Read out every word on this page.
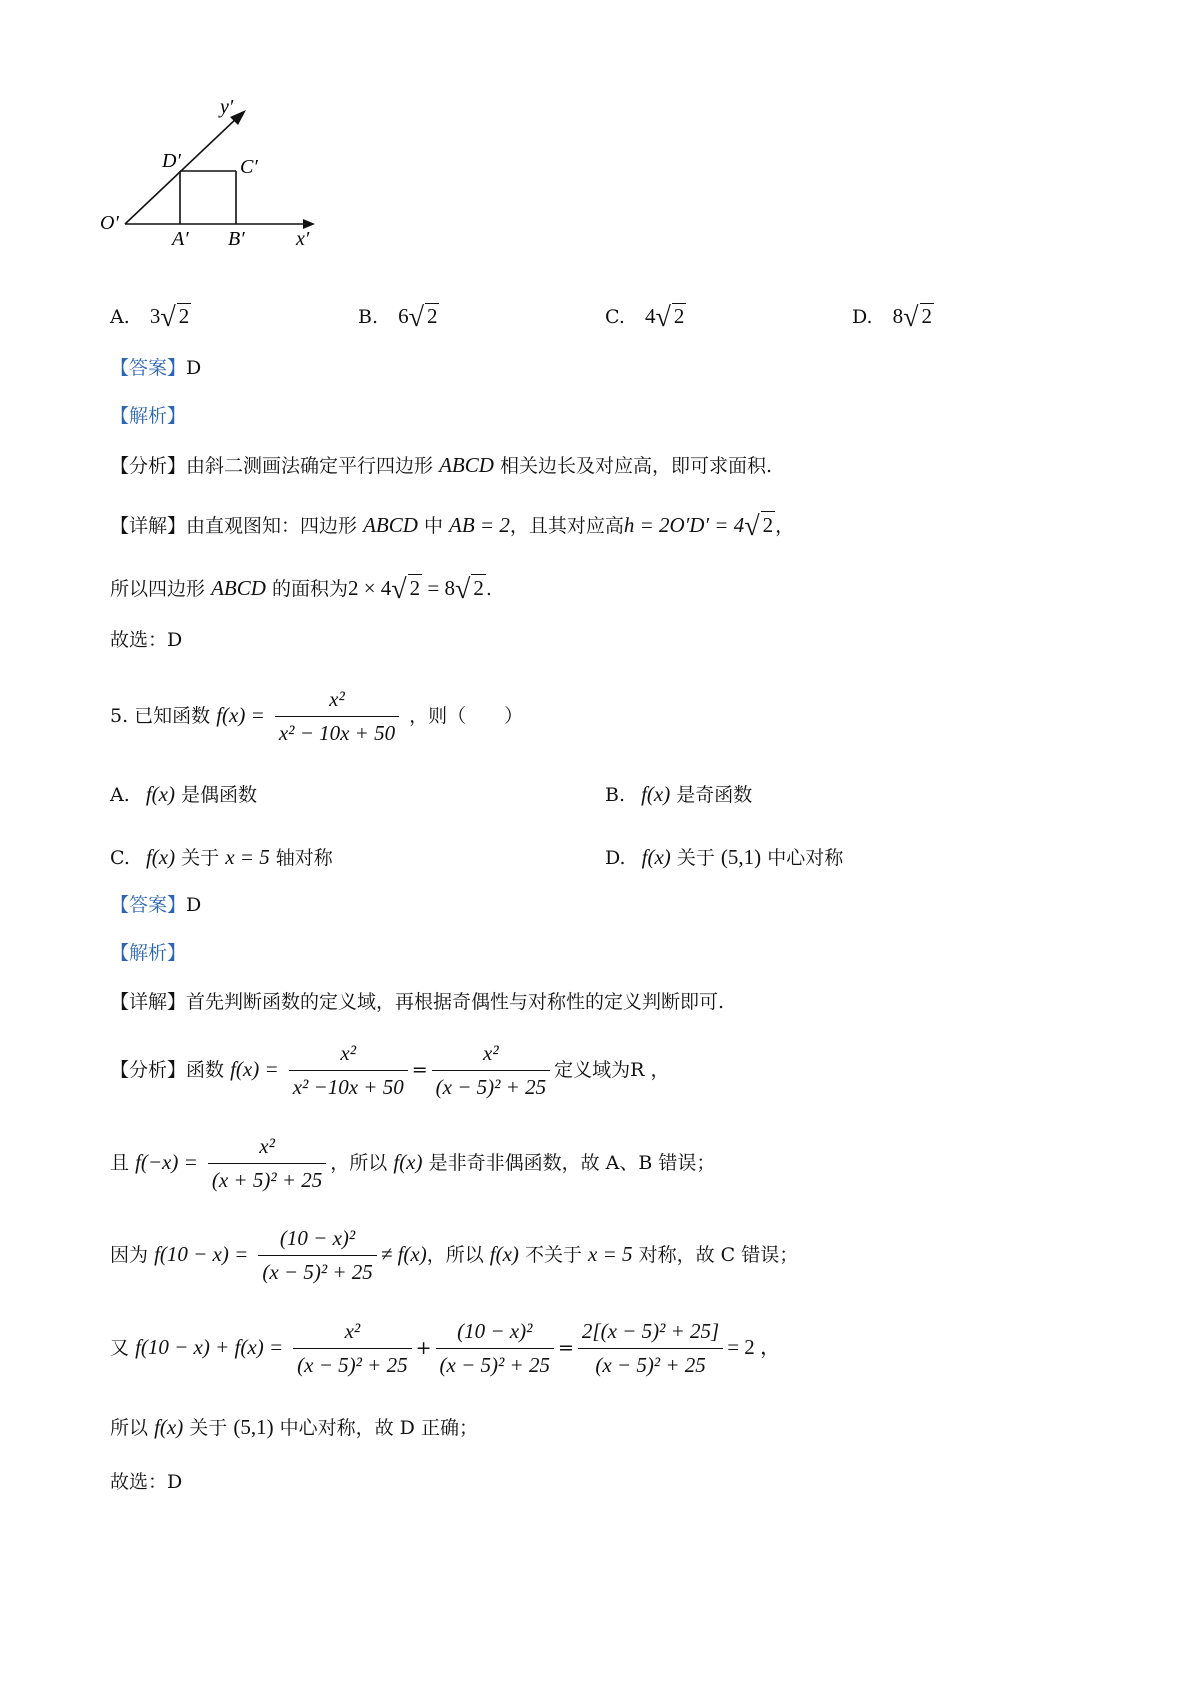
y′
D′	C′
O′
A′ B′	x′
A. 3√ 2	B. 6√ 2	C. 4√ 2	D. 8√ 2
【答案】D
【解析】
【分析】由斜二测画法确定平行四边形 ABCD 相关边长及对应高，即可求面积.
【详解】由直观图知：四边形 ABCD 中 AB = 2，且其对应高h = 2O′D′ = 4√ 2 ，
所以四边形 ABCD 的面积为2 × 4√ 2 = 8√ 2 .
故选：D
5. 已知函数 $f(x) = \frac{\text{x²}}{\text{x² − 10x + 50}}$ ，则（　　）
A. f(x) 是偶函数	B. f(x) 是奇函数
C. f(x) 关于 x = 5 轴对称	D. f(x) 关于 (5,1) 中心对称
【答案】D
【解析】
【详解】首先判断函数的定义域，再根据奇偶性与对称性的定义判断即可.
【分析】函数 $f(x) = \frac{\text{x²}}{\text{x² −10x + 50}} = \frac{\text{x²}}{\text{(x − 5)² + 25}}$ 定义域为R ，
且 $f(-x) = \frac{\text{x²}}{\text{(x + 5)² + 25}}$ ，所以 f(x) 是非奇非偶函数，故 A、B 错误；
因为 $f(10 - x) = \frac{\text{(10 − x)²}}{\text{(x − 5)² + 25}} \ne f(x)$，所以 f(x) 不关于 x = 5 对称，故 C 错误；
又 $f(10 - x) + f(x) = \frac{\text{x²}}{\text{(x − 5)² + 25}} + \frac{\text{(10 − x)²}}{\text{(x − 5)² + 25}} = \frac{\text{2[(x − 5)² + 25]}}{\text{(x − 5)² + 25}} = 2$ ，
所以 f(x) 关于 (5,1) 中心对称，故 D 正确；
故选：D
